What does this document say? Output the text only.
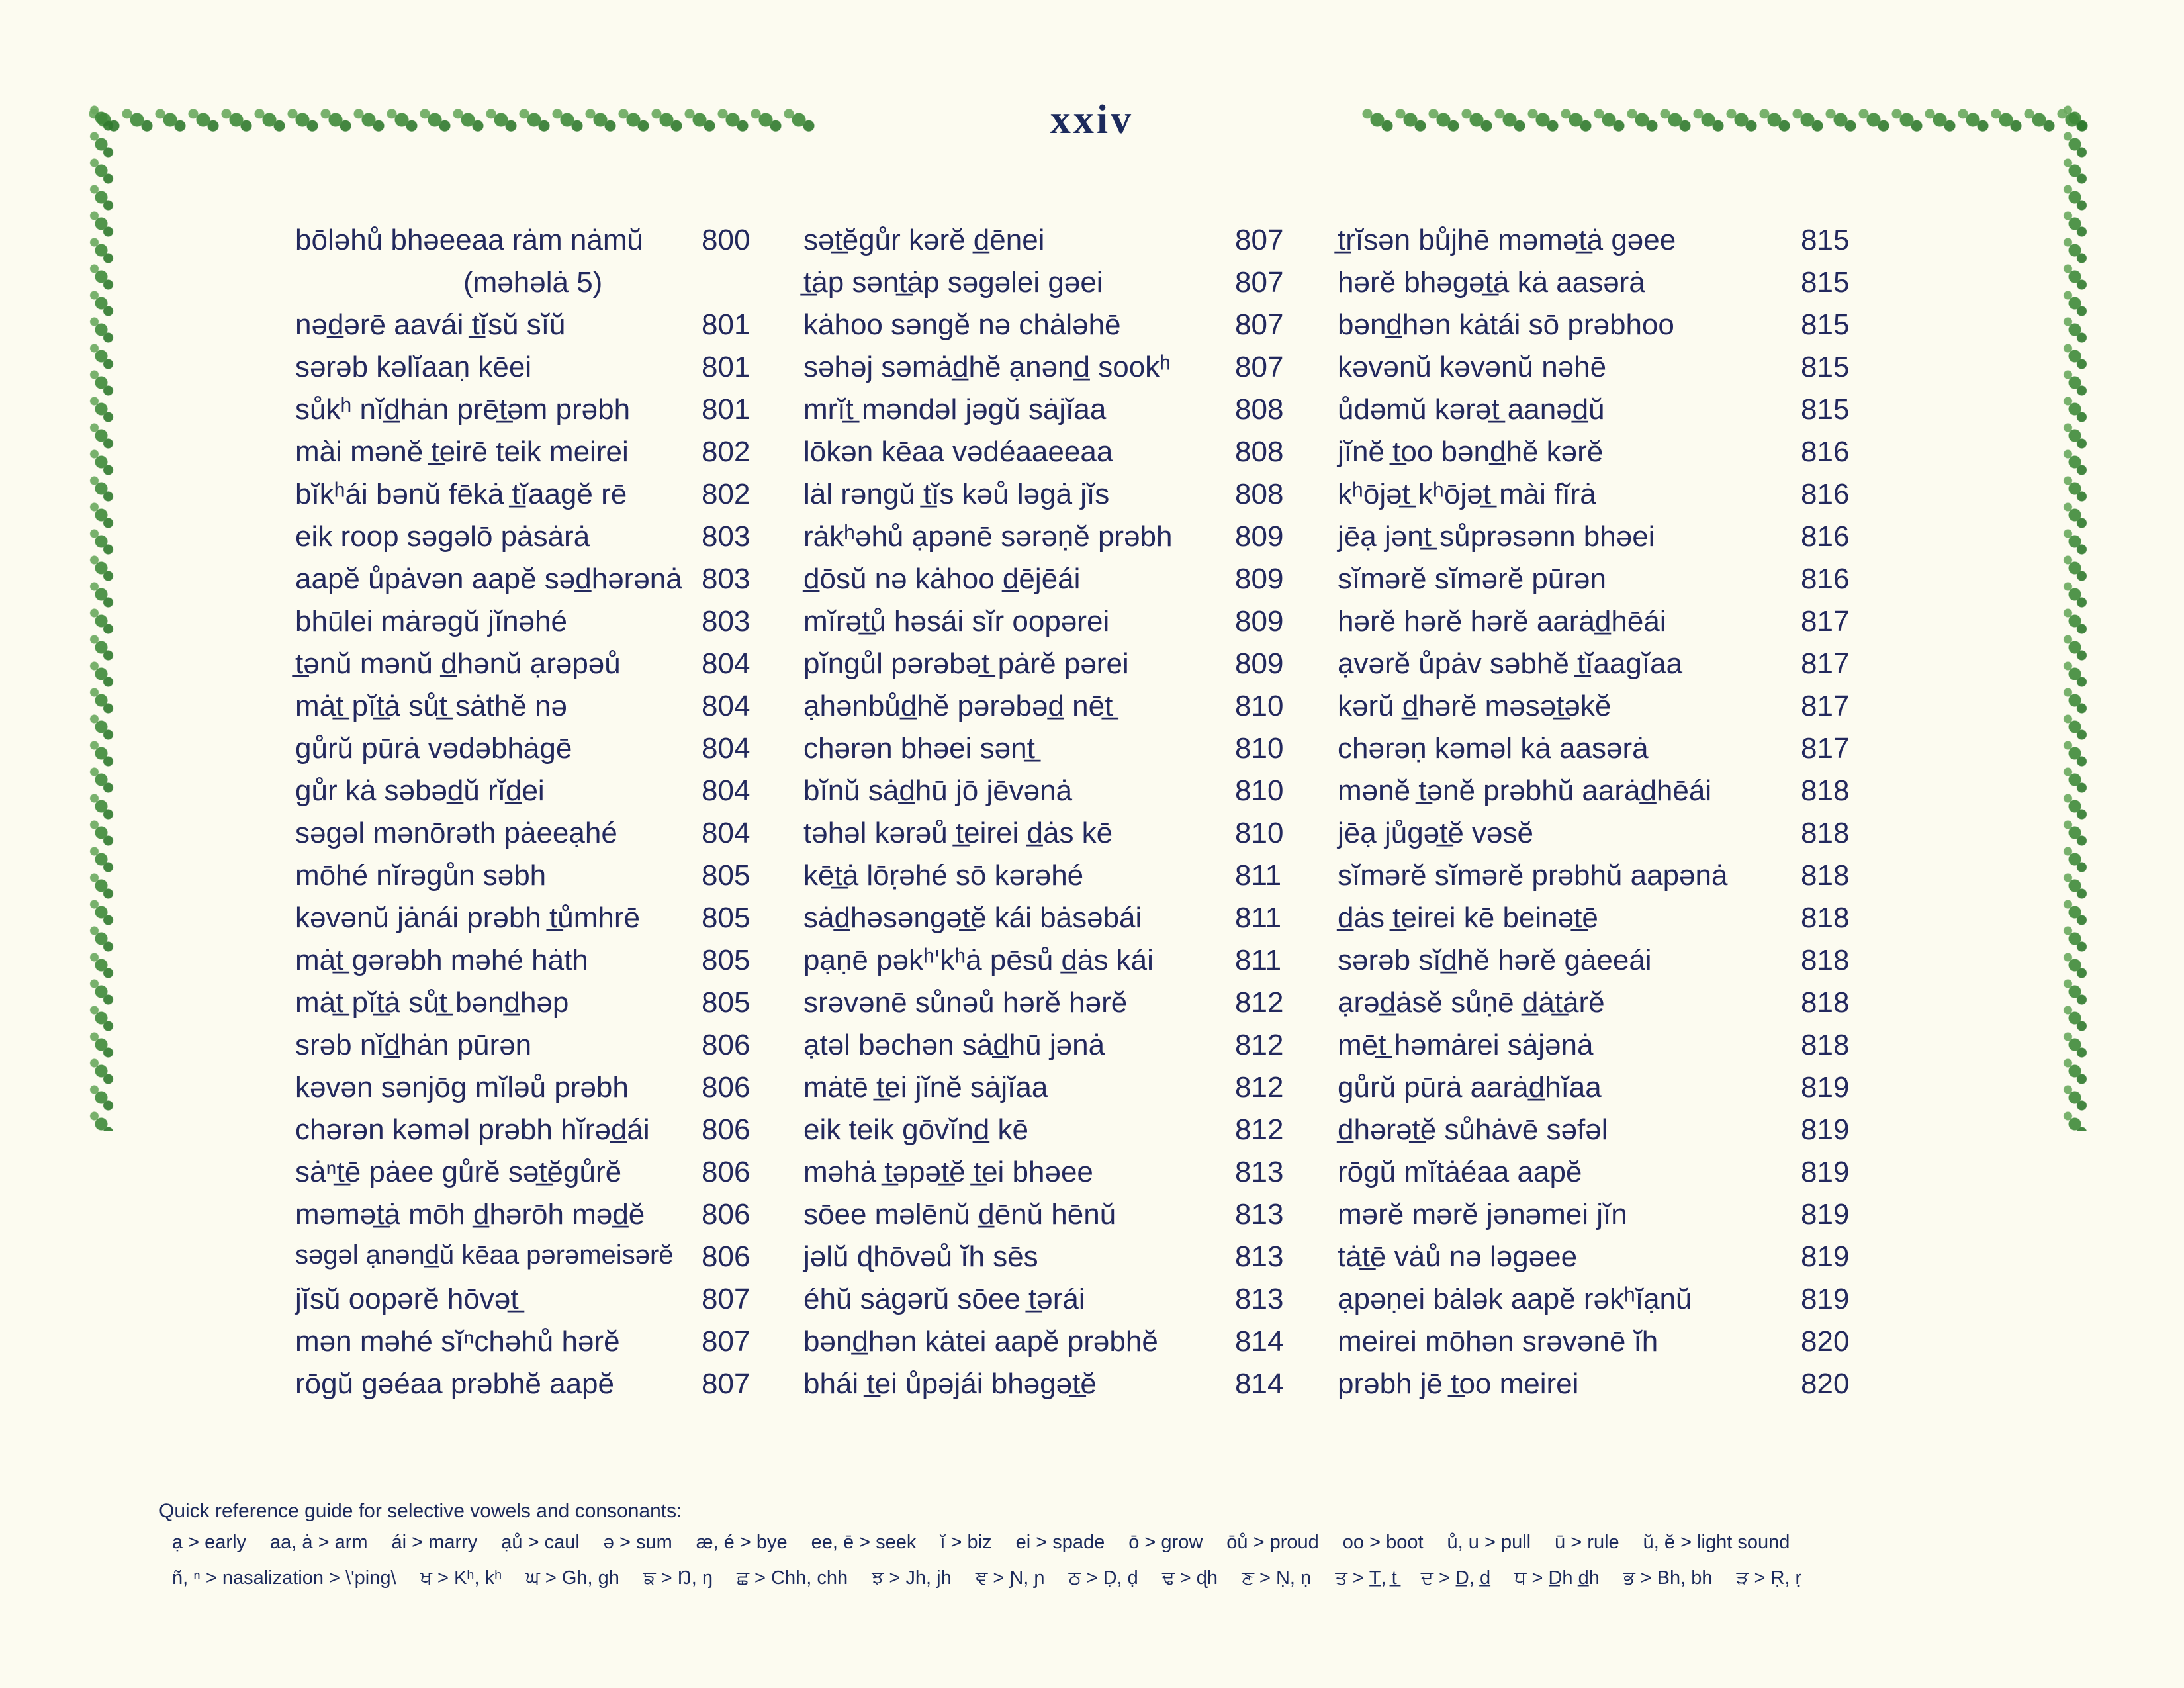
xxiv
bōləhů bhəeeaa rȧm nȧmŭ 800
(məhəlȧ 5)
nəd̲ərē aavái t̲ĭsŭ sĭŭ	801
sərəb kəlĭaaṇ kēei	801
sůkʰ nĭd̲hȧn prēt̲əm prəbh 801
mài mənĕ t̲eirē teik meirei	802
bĭkʰái bənŭ fēkȧ t̲ĭaagĕ rē	802
eik roop səgəlō pȧsȧrȧ	803
aapĕ ůpȧvən aapĕ səd̲hərənȧ 803
bhūlei mȧrəgŭ jĭnəhé	803
t̲ənŭ mənŭ d̲hənŭ ạrəpəů	804
mȧt̲ pĭt̲ȧ sůt̲ sȧthĕ nə	804
gůrŭ pūrȧ vədəbhȧgē	804
gůr kȧ səbəd̲ŭ rĭd̲ei	804
səgəl mənōrəth pȧeeạhé	804
mōhé nĭrəgůn səbh	805
kəvənŭ jȧnái prəbh t̲ůmhrē 805
mȧt̲ gərəbh məhé hȧth	805
mȧt̲ pĭt̲ȧ sůt̲ bənd̲həp	805
srəb nĭd̲hȧn pūrən	806
kəvən sənjōg mĭləů prəbh	806
chərən kəməl prəbh hĭrəd̲ái 806
sȧⁿt̲ē pȧee gůrĕ sət̲ĕgůrĕ	806
məmət̲ȧ mōh d̲hərōh məd̲ĕ 806
səgəl ạnənd̲ŭ kēaa pərəmeisərĕ 806
jĭsŭ oopərĕ hōvət̲	807
mən məhé sĭⁿchəhů hərĕ	807
rōgŭ gəéaa prəbhĕ aapĕ	807
sət̲ĕgůr kərĕ d̲ēnei	807
t̲ȧp sənt̲ȧp səgəlei gəei	807
kȧhoo səngĕ nə chȧləhē	807
səhəj səmȧd̲hĕ ạnənd̲ sookʰ 807
mrĭt̲ məndəl jəgŭ sȧjĭaa	808
lōkən kēaa vədéaaeeaa	808
lȧl rəngŭ t̲ĭs kəů ləgȧ jĭs	808
rȧkʰəhů ạpənē sərəṇĕ prəbh 809
d̲ōsŭ nə kȧhoo d̲ējēái	809
mĭrət̲ů həsái sĭr oopərei	809
pĭngůl pərəbət̲ pȧrĕ pərei	809
ạhənbůd̲hĕ pərəbəd̲ nēt̲	810
chərən bhəei sənt̲	810
bĭnŭ sȧd̲hū jō jēvənȧ	810
təhəl kərəů t̲eirei d̲ȧs kē	810
kēt̲ȧ lōṛəhé sō kərəhé	811
sȧd̲həsəngət̲ĕ kái bȧsəbái	811
pạṇē pəkʰ'kʰȧ pēsů d̲ȧs kái	811
srəvənē sůnəů hərĕ hərĕ	812
ạtəl bəchən sȧd̲hū jənȧ	812
mȧtē t̲ei jĭnĕ sȧjĭaa	812
eik teik gōvĭnd̲ kē	812
məhȧ t̲əpət̲ĕ t̲ei bhəee	813
sōee məlēnŭ d̲ēnŭ hēnŭ	813
jəlŭ ɖhōvəů ĭh sēs	813
éhŭ sȧgərŭ sōee t̲ərái	813
bənd̲hən kȧtei aapĕ prəbhĕ	814
bhái t̲ei ůpəjái bhəgət̲ĕ	814
t̲rĭsən bůjhē məmət̲ȧ gəee	815
hərĕ bhəgət̲ȧ kȧ aasərȧ	815
bənd̲hən kȧtái sō prəbhoo	815
kəvənŭ kəvənŭ nəhē	815
ůdəmŭ kərət̲ aanəd̲ŭ	815
jĭnĕ t̲oo bənd̲hĕ kərĕ	816
kʰōjət̲ kʰōjət̲ mài fĭrȧ	816
jēạ jənt̲ sůprəsənn bhəei	816
sĭmərĕ sĭmərĕ pūrən	816
hərĕ hərĕ hərĕ aarȧd̲hēái	817
ạvərĕ ůpȧv səbhĕ t̲ĭaagĭaa	817
kərŭ d̲hərĕ məsət̲əkĕ	817
chərəṇ kəməl kȧ aasərȧ	817
mənĕ t̲ənĕ prəbhŭ aarȧd̲hēái	818
jēạ jůgət̲ĕ vəsĕ	818
sĭmərĕ sĭmərĕ prəbhŭ aapənȧ	818
d̲ȧs t̲eirei kē beinət̲ē	818
sərəb sĭd̲hĕ hərĕ gȧeeái	818
ạrəd̲ȧsĕ sůṇē d̲ȧt̲ȧrĕ	818
mēt̲ həmȧrei sȧjənȧ	818
gůrŭ pūrȧ aarȧd̲hĭaa	819
d̲hərət̲ĕ sůhȧvē səfəl	819
rōgŭ mĭtȧéaa aapĕ	819
mərĕ mərĕ jənəmei jĭn	819
tȧt̲ē vȧů nə ləgəee	819
ạpəṇei bȧlək aapĕ rəkʰĭạnŭ	819
meirei mōhən srəvənē ĭh	820
prəbh jē t̲oo meirei	820
Quick reference guide for selective vowels and consonants:
ạ > early aa, ȧ > arm ái > marry ạů > caul ə > sum æ, é > bye ee, ē > seek ĭ > biz ei > spade ō > grow ōů > proud oo > boot ů, u > pull ū > rule ŭ, ĕ > light sound
ñ, ⁿ > nasalization > \'ping\ ਖ > Kʰ, kʰ ਘ > Gh, gh ਙ > Ŋ, ŋ ਛ > Chh, chh ਝ > Jh, jh ਞ > Ɲ, ɲ ਠ > Ḍ, ḍ ਢ > ɖh ਣ > Ṇ, ṇ ਤ > T̲, t̲ ਦ > D̲, d̲ ਧ > D̲h d̲h ਭ > Bh, bh ੜ > Ṛ, ṛ
